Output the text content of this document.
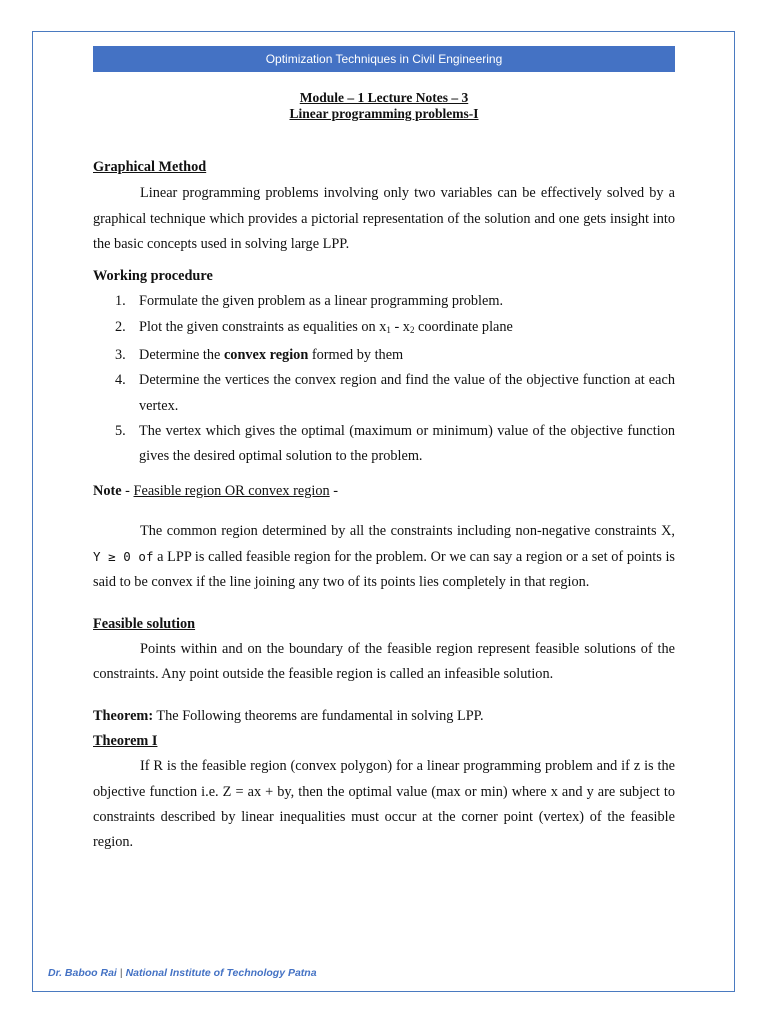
Optimization Techniques in Civil Engineering
Module – 1 Lecture Notes – 3
Linear programming problems-I

Graphical Method

Linear programming problems involving only two variables can be effectively solved by a graphical technique which provides a pictorial representation of the solution and one gets insight into the basic concepts used in solving large LPP.

Working procedure

1. Formulate the given problem as a linear programming problem.
2. Plot the given constraints as equalities on $x_1 - x_2$ coordinate plane
3. Determine the convex region formed by them
4. Determine the vertices the convex region and find the value of the objective function at each vertex.
5. The vertex which gives the optimal (maximum or minimum) value of the objective function gives the desired optimal solution to the problem.

Note - Feasible region OR convex region -

The common region determined by all the constraints including non-negative constraints X, Y ≥ 0 of a LPP is called feasible region for the problem. Or we can say a region or a set of points is said to be convex if the line joining any two of its points lies completely in that region.

Feasible solution

Points within and on the boundary of the feasible region represent feasible solutions of the constraints. Any point outside the feasible region is called an infeasible solution.

Theorem: The Following theorems are fundamental in solving LPP.

Theorem I

If R is the feasible region (convex polygon) for a linear programming problem and if z is the objective function i.e. Z = ax + by, then the optimal value (max or min) where x and y are subject to constraints described by linear inequalities must occur at the corner point (vertex) of the feasible region.

Dr. Baboo Rai | National Institute of Technology Patna
